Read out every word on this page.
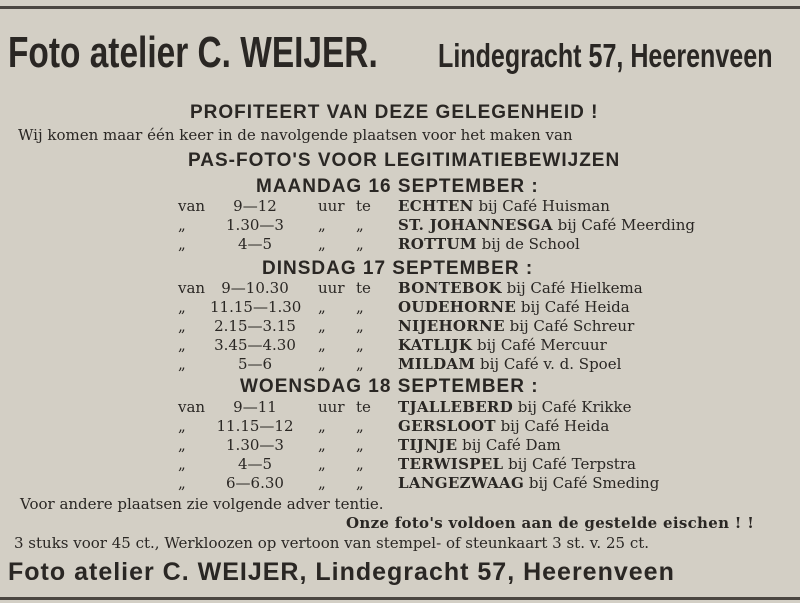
Foto atelier C. WEIJER. Lindegracht 57, Heerenveen
PROFITEERT VAN DEZE GELEGENHEID !
Wij komen maar één keer in de navolgende plaatsen voor het maken van
PAS-FOTO'S VOOR LEGITIMATIEBEWIJZEN
MAANDAG 16 SEPTEMBER :
van	9—12	uur te ECHTEN bij Café Huisman
„	1.30—3	„ „ ST. JOHANNESGA bij Café Meerding
„	4—5	„ „ ROTTUM bij de School
DINSDAG 17 SEPTEMBER :
van	9—10.30	uur te BONTEBOK bij Café Hielkema
„ 11.15—1.30 „ „ OUDEHORNE bij Café Heida
„ 2.15—3.15 „ „ NIJEHORNE bij Café Schreur
„ 3.45—4.30 „ „ KATLIJK bij Café Mercuur
„	5—6	„ „ MILDAM bij Café v. d. Spoel
WOENSDAG 18 SEPTEMBER :
van	9—11	uur te TJALLEBERD bij Café Krikke
„	11.15—12	„ „ GERSLOOT bij Café Heida
„	1.30—3	„ „ TIJNJE bij Café Dam
„	4—5	„ „ TERWISPEL bij Café Terpstra
„	6—6.30	„ „ LANGEZWAAG bij Café Smeding
Voor andere plaatsen zie volgende adver tentie.
Onze foto's voldoen aan de gestelde eischen ! !
3 stuks voor 45 ct., Werkloozen op vertoon van stempel- of steunkaart 3 st. v. 25 ct.
Foto atelier C. WEIJER, Lindegracht 57, Heerenveen
